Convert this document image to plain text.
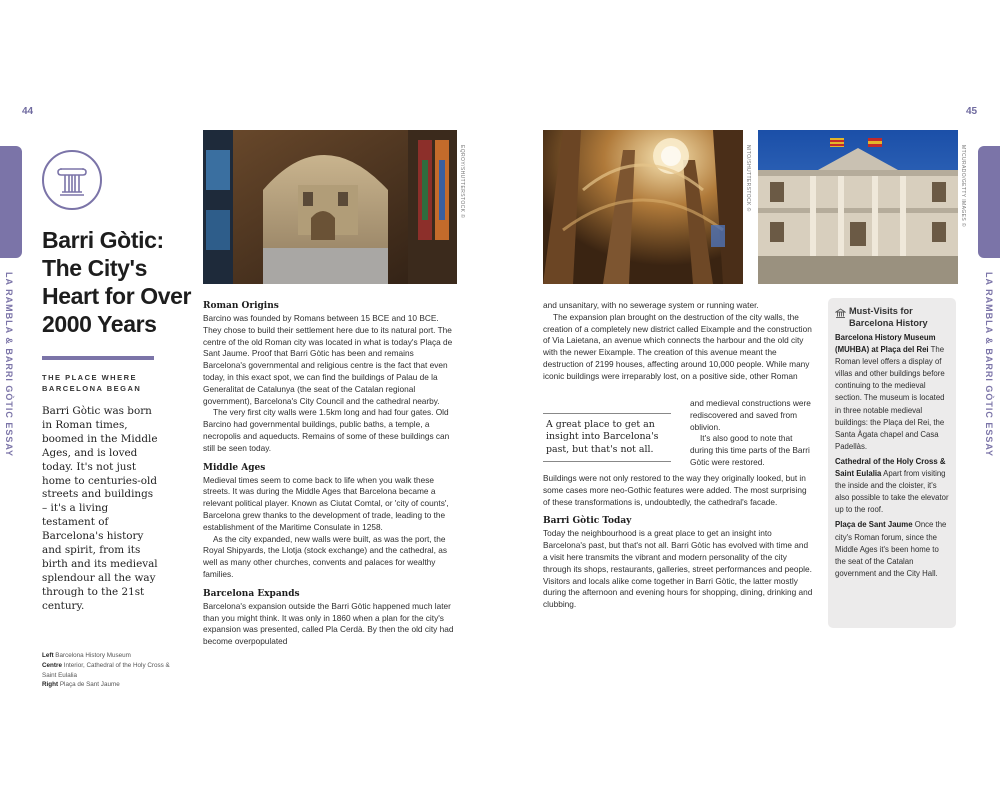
44
LA RAMBLA & BARRI GÒTIC ESSAY
Barri Gòtic: The City's Heart for Over 2000 Years
THE PLACE WHERE BARCELONA BEGAN
Barri Gòtic was born in Roman times, boomed in the Middle Ages, and is loved today. It's not just home to centuries-old streets and buildings – it's a living testament of Barcelona's history and spirit, from its birth and its medieval splendour all the way through to the 21st century.
Left Barcelona History Museum
Centre Interior, Cathedral of the Holy Cross & Saint Eulalia
Right Plaça de Sant Jaume
EQROY/SHUTTERSTOCK ©
Roman Origins

Barcino was founded by Romans between 15 BCE and 10 BCE. They chose to build their settlement here due to its natural port. The centre of the old Roman city was located in what is today's Plaça de Sant Jaume. Proof that Barri Gòtic has been and remains Barcelona's governmental and religious centre is the fact that even today, in this exact spot, we can find the buildings of Palau de la Generalitat de Catalunya (the seat of the Catalan regional government), Barcelona's City Council and the cathedral nearby.

The very first city walls were 1.5km long and had four gates. Old Barcino had governmental buildings, public baths, a temple, a necropolis and aqueducts. Remains of some of these buildings can still be seen today.

Middle Ages

Medieval times seem to come back to life when you walk these streets. It was during the Middle Ages that Barcelona became a relevant political player. Known as Ciutat Comtal, or 'city of counts', Barcelona grew thanks to the development of trade, leading to the establishment of the Maritime Consulate in 1258.

As the city expanded, new walls were built, as was the port, the Royal Shipyards, the Llotja (stock exchange) and the cathedral, as well as many other churches, convents and palaces for wealthy families.

Barcelona Expands

Barcelona's expansion outside the Barri Gòtic happened much later than you might think. It was only in 1860 when a plan for the city's expansion was presented, called Pla Cerdà. By then the old city had become overpopulated

45
LA RAMBLA & BARRI GÒTIC ESSAY
NITO/SHUTTERSTOCK ©	MTCURADO/GETTY IMAGES ©

and unsanitary, with no sewerage system or running water.

The expansion plan brought on the destruction of the city walls, the creation of a completely new district called Eixample and the construction of Via Laietana, an avenue which connects the harbour and the old city with the newer Eixample. The creation of this avenue meant the destruction of 2199 houses, affecting around 10,000 people. While many iconic buildings were irreparably lost, on a positive side, other Roman

and medieval constructions were rediscovered and saved from oblivion.

It's also good to note that during this time parts of the Barri Gòtic were restored.

A great place to get an insight into Barcelona's past, but that's not all.

Buildings were not only restored to the way they originally looked, but in some cases more neo-Gothic features were added. The most surprising of these transformations is, undoubtedly, the cathedral's facade.

Barri Gòtic Today

Today the neighbourhood is a great place to get an insight into Barcelona's past, but that's not all. Barri Gòtic has evolved with time and a visit here transmits the vibrant and modern personality of the city through its shops, restaurants, galleries, street performances and people. Visitors and locals alike come together in Barri Gòtic, the latter mostly during the afternoon and evening hours for shopping, dining, drinking and clubbing.

Must-Visits for Barcelona History

Barcelona History Museum (MUHBA) at Plaça del Rei The Roman level offers a display of villas and other buildings before continuing to the medieval section. The museum is located in three notable medieval buildings: the Plaça del Rei, the Santa Àgata chapel and Casa Padellàs.

Cathedral of the Holy Cross & Saint Eulalia Apart from visiting the inside and the cloister, it's also possible to take the elevator up to the roof.

Plaça de Sant Jaume Once the city's Roman forum, since the Middle Ages it's been home to the seat of the Catalan government and the City Hall.
